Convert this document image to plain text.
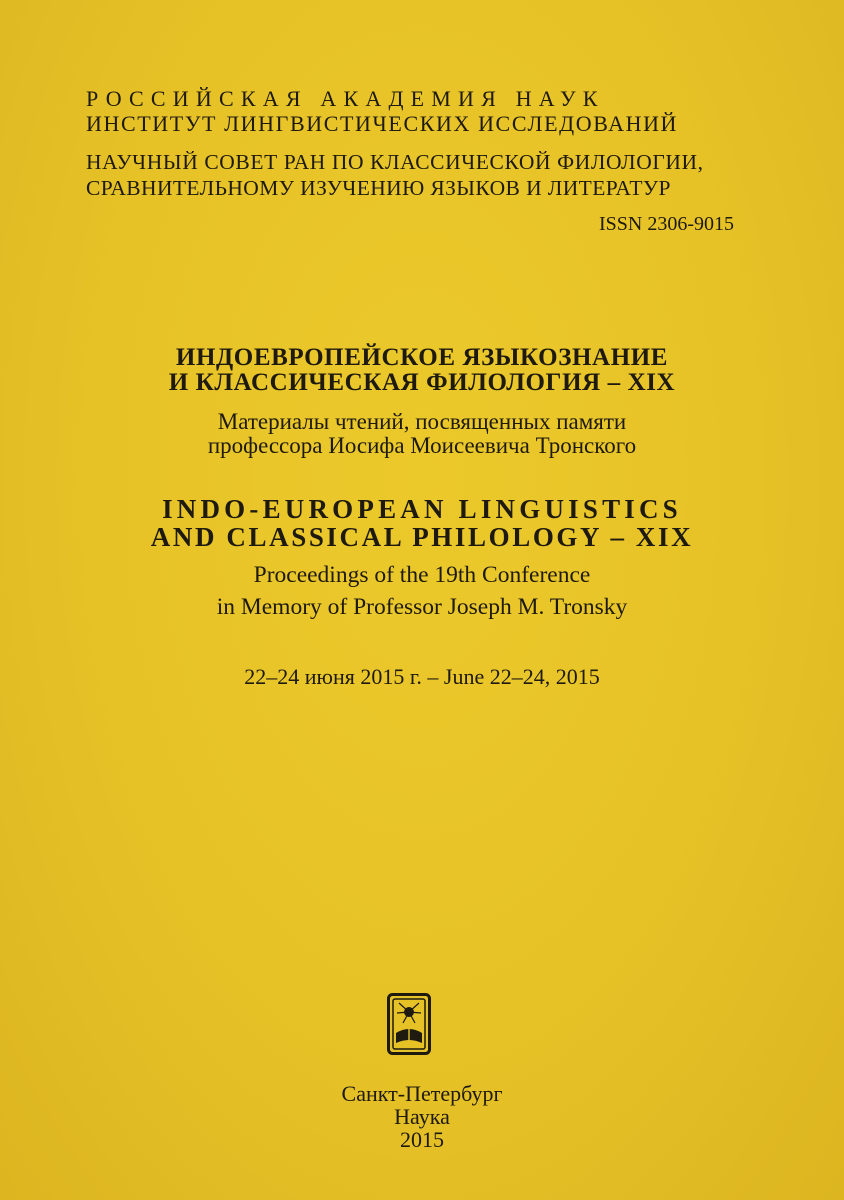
РОССИЙСКАЯ АКАДЕМИЯ НАУК
ИНСТИТУТ ЛИНГВИСТИЧЕСКИХ ИССЛЕДОВАНИЙ
НАУЧНЫЙ СОВЕТ РАН ПО КЛАССИЧЕСКОЙ ФИЛОЛОГИИ,
СРАВНИТЕЛЬНОМУ ИЗУЧЕНИЮ ЯЗЫКОВ И ЛИТЕРАТУР
ISSN 2306-9015
ИНДОЕВРОПЕЙСКОЕ ЯЗЫКОЗНАНИЕ
И КЛАССИЧЕСКАЯ ФИЛОЛОГИЯ – XIX
Материалы чтений, посвященных памяти
профессора Иосифа Моисеевича Тронского
INDO-EUROPEAN LINGUISTICS
AND CLASSICAL PHILOLOGY – XIX
Proceedings of the 19th Conference
in Memory of Professor Joseph M. Tronsky
22–24 июня 2015 г. – June 22–24, 2015
Санкт-Петербург
Наука
2015
